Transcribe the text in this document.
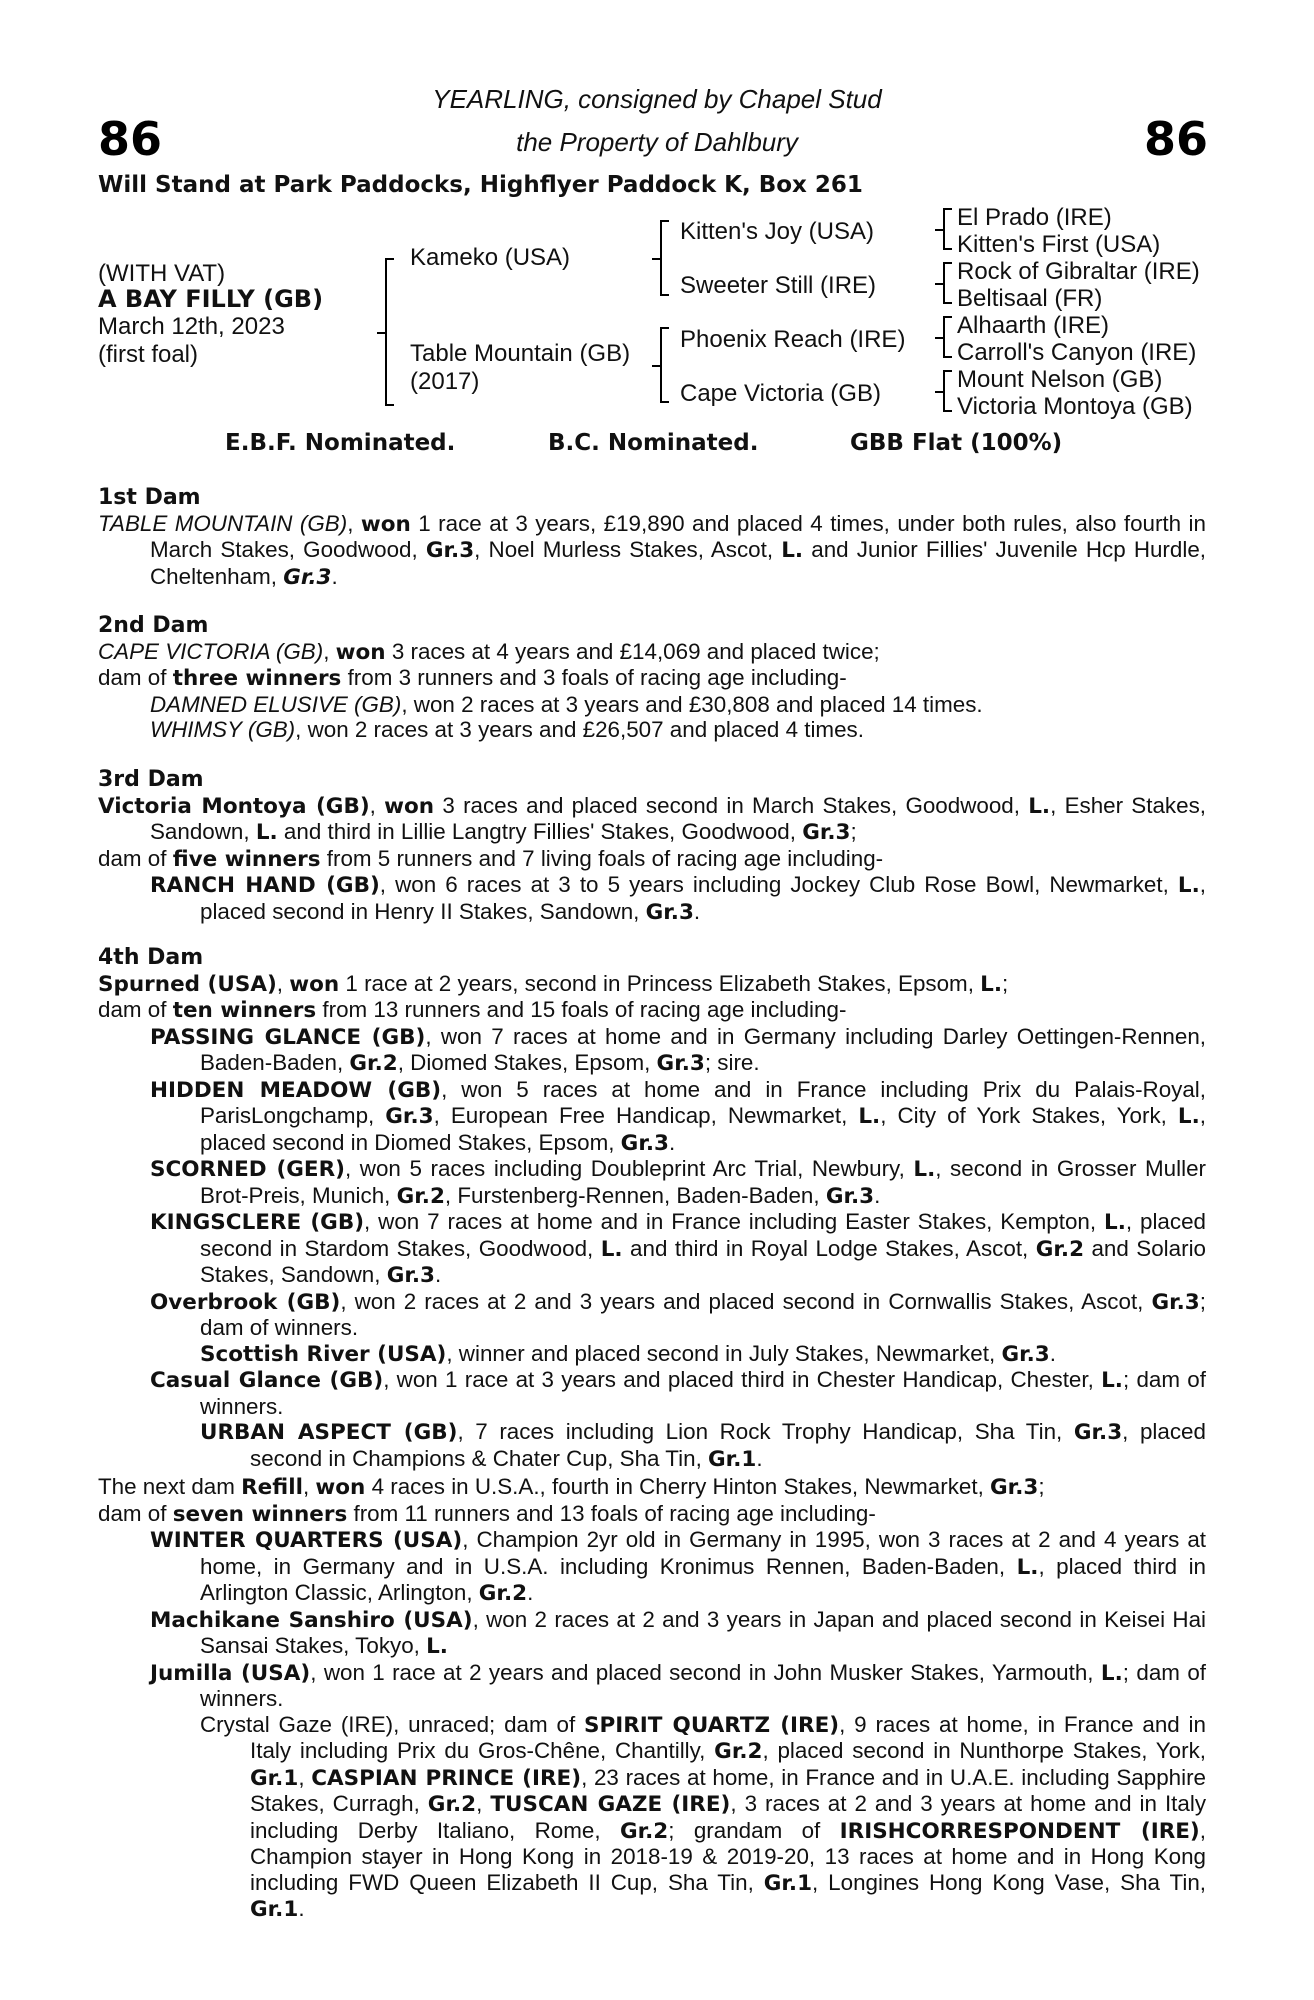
86	86
YEARLING, consigned by Chapel Stud
the Property of Dahlbury
Will Stand at Park Paddocks, Highflyer Paddock K, Box 261
(WITH VAT)
A BAY FILLY (GB)
March 12th, 2023
(first foal)
Kameko (USA)
Table Mountain (GB)
(2017)
Kitten's Joy (USA)
Sweeter Still (IRE)
Phoenix Reach (IRE)
Cape Victoria (GB)
El Prado (IRE)
Kitten's First (USA)
Rock of Gibraltar (IRE)
Beltisaal (FR)
Alhaarth (IRE)
Carroll's Canyon (IRE)
Mount Nelson (GB)
Victoria Montoya (GB)
E.B.F. Nominated.	B.C. Nominated.	GBB Flat (100%)
1st Dam

TABLE MOUNTAIN (GB), won 1 race at 3 years, £19,890 and placed 4 times, under both rules, also fourth in March Stakes, Goodwood, Gr.3, Noel Murless Stakes, Ascot, L. and Junior Fillies' Juvenile Hcp Hurdle, Cheltenham, Gr.3.

2nd Dam

CAPE VICTORIA (GB), won 3 races at 4 years and £14,069 and placed twice;

dam of three winners from 3 runners and 3 foals of racing age including-

DAMNED ELUSIVE (GB), won 2 races at 3 years and £30,808 and placed 14 times.

WHIMSY (GB), won 2 races at 3 years and £26,507 and placed 4 times.

3rd Dam

Victoria Montoya (GB), won 3 races and placed second in March Stakes, Goodwood, L., Esher Stakes, Sandown, L. and third in Lillie Langtry Fillies' Stakes, Goodwood, Gr.3;

dam of five winners from 5 runners and 7 living foals of racing age including-

RANCH HAND (GB), won 6 races at 3 to 5 years including Jockey Club Rose Bowl, Newmarket, L., placed second in Henry II Stakes, Sandown, Gr.3.

4th Dam

Spurned (USA), won 1 race at 2 years, second in Princess Elizabeth Stakes, Epsom, L.;

dam of ten winners from 13 runners and 15 foals of racing age including-

PASSING GLANCE (GB), won 7 races at home and in Germany including Darley Oettingen-Rennen, Baden-Baden, Gr.2, Diomed Stakes, Epsom, Gr.3; sire.

HIDDEN MEADOW (GB), won 5 races at home and in France including Prix du Palais-Royal, ParisLongchamp, Gr.3, European Free Handicap, Newmarket, L., City of York Stakes, York, L., placed second in Diomed Stakes, Epsom, Gr.3.

SCORNED (GER), won 5 races including Doubleprint Arc Trial, Newbury, L., second in Grosser Muller Brot-Preis, Munich, Gr.2, Furstenberg-Rennen, Baden-Baden, Gr.3.

KINGSCLERE (GB), won 7 races at home and in France including Easter Stakes, Kempton, L., placed second in Stardom Stakes, Goodwood, L. and third in Royal Lodge Stakes, Ascot, Gr.2 and Solario Stakes, Sandown, Gr.3.

Overbrook (GB), won 2 races at 2 and 3 years and placed second in Cornwallis Stakes, Ascot, Gr.3; dam of winners.

Scottish River (USA), winner and placed second in July Stakes, Newmarket, Gr.3.

Casual Glance (GB), won 1 race at 3 years and placed third in Chester Handicap, Chester, L.; dam of winners.

URBAN ASPECT (GB), 7 races including Lion Rock Trophy Handicap, Sha Tin, Gr.3, placed second in Champions & Chater Cup, Sha Tin, Gr.1.

The next dam Refill, won 4 races in U.S.A., fourth in Cherry Hinton Stakes, Newmarket, Gr.3;

dam of seven winners from 11 runners and 13 foals of racing age including-

WINTER QUARTERS (USA), Champion 2yr old in Germany in 1995, won 3 races at 2 and 4 years at home, in Germany and in U.S.A. including Kronimus Rennen, Baden-Baden, L., placed third in Arlington Classic, Arlington, Gr.2.

Machikane Sanshiro (USA), won 2 races at 2 and 3 years in Japan and placed second in Keisei Hai Sansai Stakes, Tokyo, L.

Jumilla (USA), won 1 race at 2 years and placed second in John Musker Stakes, Yarmouth, L.; dam of winners.

Crystal Gaze (IRE), unraced; dam of SPIRIT QUARTZ (IRE), 9 races at home, in France and in Italy including Prix du Gros-Chêne, Chantilly, Gr.2, placed second in Nunthorpe Stakes, York, Gr.1, CASPIAN PRINCE (IRE), 23 races at home, in France and in U.A.E. including Sapphire Stakes, Curragh, Gr.2, TUSCAN GAZE (IRE), 3 races at 2 and 3 years at home and in Italy including Derby Italiano, Rome, Gr.2; grandam of IRISHCORRESPONDENT (IRE), Champion stayer in Hong Kong in 2018-19 & 2019-20, 13 races at home and in Hong Kong including FWD Queen Elizabeth II Cup, Sha Tin, Gr.1, Longines Hong Kong Vase, Sha Tin, Gr.1.
